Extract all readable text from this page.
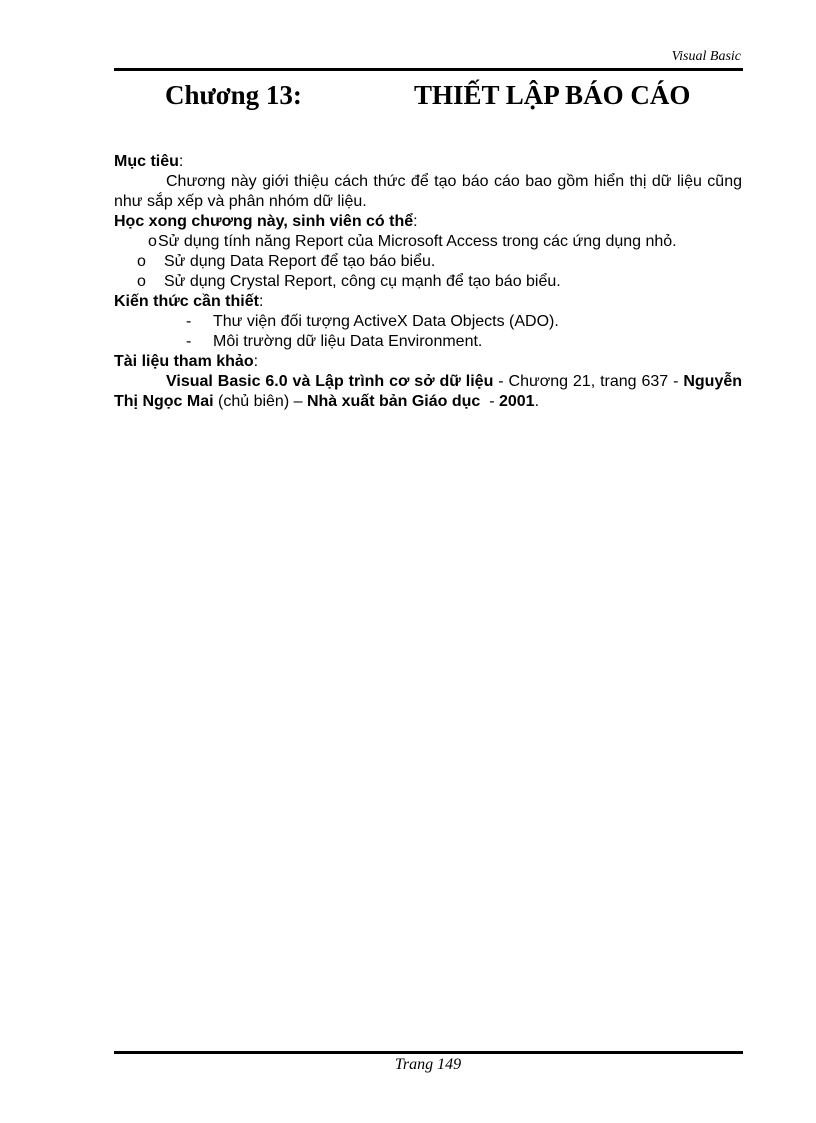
Visual Basic
Chương 13:	THIẾT LẬP BÁO CÁO

Mục tiêu:

Chương này giới thiệu cách thức để tạo báo cáo bao gồm hiển thị dữ liệu cũng như sắp xếp và phân nhóm dữ liệu.

Học xong chương này, sinh viên có thể:

oSử dụng tính năng Report của Microsoft Access trong các ứng dụng nhỏ.

o Sử dụng Data Report để tạo báo biểu.

o Sử dụng Crystal Report, công cụ mạnh để tạo báo biểu.

Kiến thức cần thiết:

- Thư viện đối tượng ActiveX Data Objects (ADO).

- Môi trường dữ liệu Data Environment.

Tài liệu tham khảo:

Visual Basic 6.0 và Lập trình cơ sở dữ liệu - Chương 21, trang 637 - Nguyễn Thị Ngọc Mai (chủ biên) – Nhà xuất bản Giáo dục  - 2001.

Trang 149
